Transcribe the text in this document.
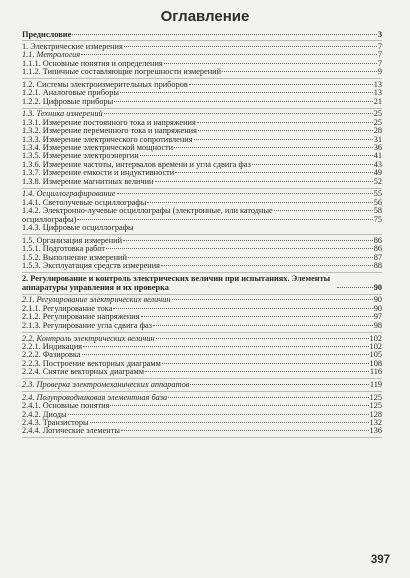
Оглавление
Предисловие	3
1. Электрические измерения	7
1.1. Метрология	7
1.1.1. Основные понятия и определения	7
1.1.2. Типичные составляющие погрешности измерений	9
1.2. Системы электроизмерительных приборов	13
1.2.1. Аналоговые приборы	13
1.2.2. Цифровые приборы	21
1.3. Техника измерений	25
1.3.1. Измерение постоянного тока и напряжения	25
1.3.2. Измерение переменного тока и напряжения	28
1.3.3. Измерение электрического сопротивления	31
1.3.4. Измерение электрической мощности	36
1.3.5. Измерение электроэнергии	41
1.3.6. Измерение частоты, интервалов времени и угла сдвига фаз	43
1.3.7. Измерение емкости и индуктивности	49
1.3.8. Измерение магнитных величин	52
1.4. Осциллографирование	55
1.4.1. Светолучевые осциллографы	56
1.4.2. Электронно-лучевые осциллографы (электронные, или катодные	58
осциллографы)	75
1.4.3. Цифровые осциллографы
1.5. Организация измерений	86
1.5.1. Подготовка работ	86
1.5.2. Выполнение измерений	87
1.5.3. Эксплуатация средств измерения	88
2. Регулирование и контроль электрических величин при испытаниях. Элементы аппаратуры управления и их проверка	90
2.1. Регулирование электрических величин	90
2.1.1. Регулирование тока	90
2.1.2. Регулирование напряжения	97
2.1.3. Регулирование угла сдвига фаз	98
2.2. Контроль электрических величин	102
2.2.1. Индикация	102
2.2.2. Фазировка	105
2.2.3. Построение векторных диаграмм	108
2.2.4. Снятие векторных диаграмм	116
2.3. Проверка электромеханических аппаратов	119
2.4. Полупроводниковая элементная база	125
2.4.1. Основные понятия	125
2.4.2. Диоды	128
2.4.3. Транзисторы	132
2.4.4. Логические элементы	136
397
